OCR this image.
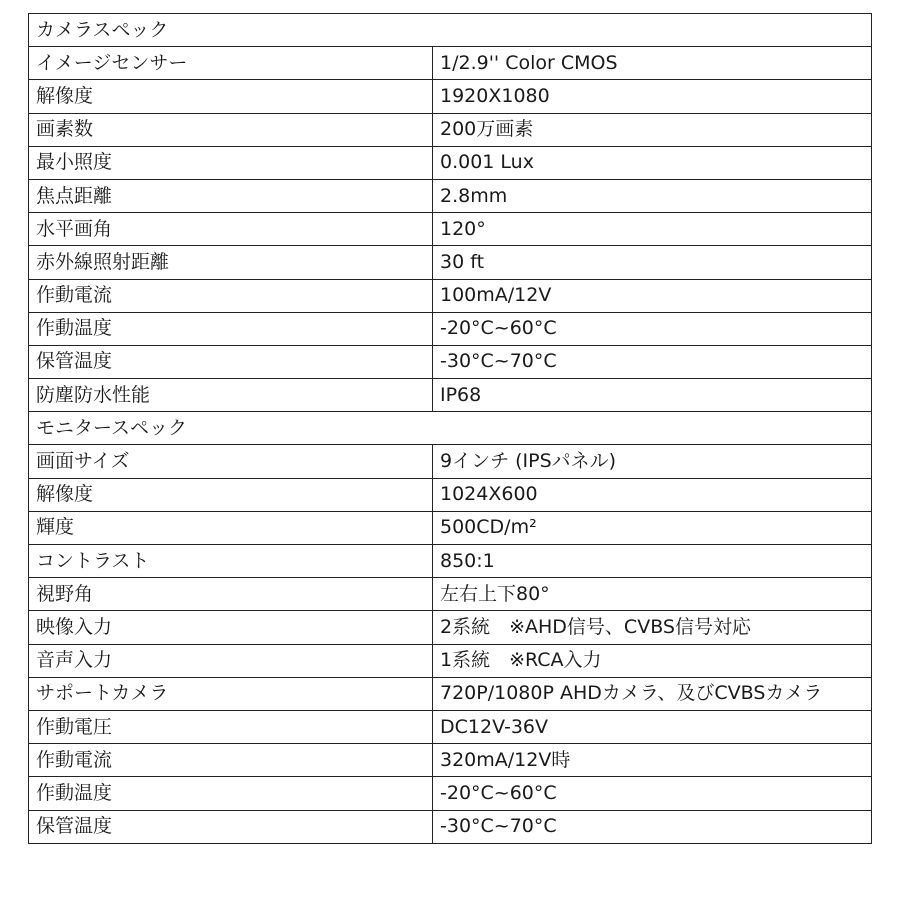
カメラスペック	
イメージセンサー	1/2.9'' Color CMOS
解像度	1920X1080
画素数	200万画素
最小照度	0.001 Lux
焦点距離	2.8mm
水平画角	120°
赤外線照射距離	30 ft
作動電流	100mA/12V
作動温度	-20°C~60°C
保管温度	-30°C~70°C
防塵防水性能	IP68
モニタースペック	
画面サイズ	9インチ (IPSパネル)
解像度	1024X600
輝度	500CD/m²
コントラスト	850:1
視野角	左右上下80°
映像入力	2系統　※AHD信号、CVBS信号対応
音声入力	1系統　※RCA入力
サポートカメラ	720P/1080P AHDカメラ、及びCVBSカメラ
作動電圧	DC12V-36V
作動電流	320mA/12V時
作動温度	-20°C~60°C
保管温度	-30°C~70°C
